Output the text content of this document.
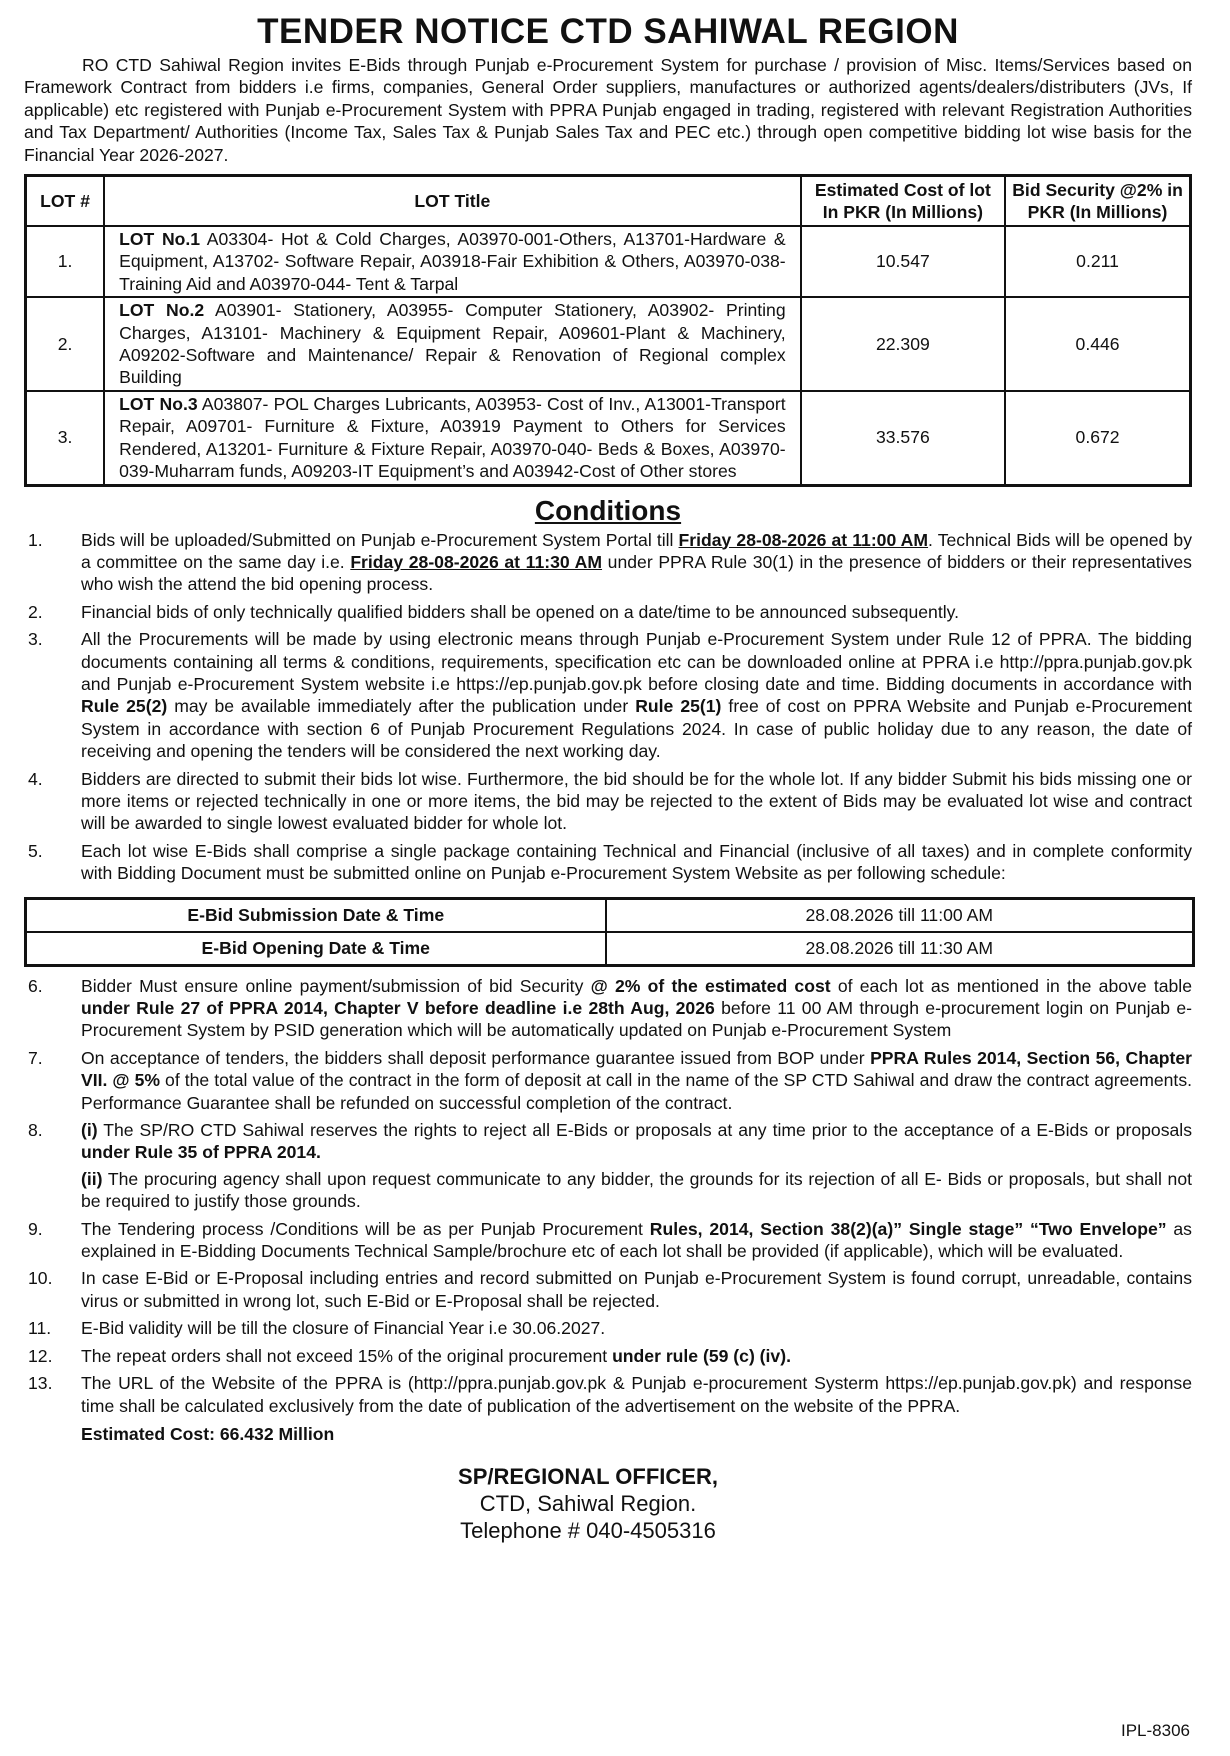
TENDER NOTICE CTD SAHIWAL REGION

RO CTD Sahiwal Region invites E-Bids through Punjab e-Procurement System for purchase / provision of Misc. Items/Services based on Framework Contract from bidders i.e firms, companies, General Order suppliers, manufactures or authorized agents/dealers/distributers (JVs, If applicable) etc registered with Punjab e-Procurement System with PPRA Punjab engaged in trading, registered with relevant Registration Authorities and Tax Department/ Authorities (Income Tax, Sales Tax & Punjab Sales Tax and PEC etc.) through open competitive bidding lot wise basis for the Financial Year 2026-2027.

LOT #	LOT Title	Estimated Cost of lot In PKR (In Millions)	Bid Security @2% in PKR (In Millions)
1.	LOT No.1 A03304- Hot & Cold Charges, A03970-001-Others, A13701-Hardware & Equipment, A13702- Software Repair, A03918-Fair Exhibition & Others, A03970-038- Training Aid and A03970-044- Tent & Tarpal	10.547	0.211
2.	LOT No.2 A03901- Stationery, A03955- Computer Stationery, A03902- Printing Charges, A13101- Machinery & Equipment Repair, A09601-Plant & Machinery, A09202-Software and Maintenance/ Repair & Renovation of Regional complex Building	22.309	0.446
3.	LOT No.3 A03807- POL Charges Lubricants, A03953- Cost of Inv., A13001-Transport Repair, A09701- Furniture & Fixture, A03919 Payment to Others for Services Rendered, A13201- Furniture & Fixture Repair, A03970-040- Beds & Boxes, A03970-039-Muharram funds, A09203-IT Equipment’s and A03942-Cost of Other stores	33.576	0.672
Conditions
1.	Bids will be uploaded/Submitted on Punjab e-Procurement System Portal till Friday 28-08-2026 at 11:00 AM. Technical Bids will be opened by a committee on the same day i.e. Friday 28-08-2026 at 11:30 AM under PPRA Rule 30(1) in the presence of bidders or their representatives who wish the attend the bid opening process.
2.	Financial bids of only technically qualified bidders shall be opened on a date/time to be announced subsequently.
3.	All the Procurements will be made by using electronic means through Punjab e-Procurement System under Rule 12 of PPRA. The bidding documents containing all terms & conditions, requirements, specification etc can be downloaded online at PPRA i.e http://ppra.punjab.gov.pk and Punjab e-Procurement System website i.e https://ep.punjab.gov.pk before closing date and time. Bidding documents in accordance with Rule 25(2) may be available immediately after the publication under Rule 25(1) free of cost on PPRA Website and Punjab e-Procurement System in accordance with section 6 of Punjab Procurement Regulations 2024. In case of public holiday due to any reason, the date of receiving and opening the tenders will be considered the next working day.
4.	Bidders are directed to submit their bids lot wise. Furthermore, the bid should be for the whole lot. If any bidder Submit his bids missing one or more items or rejected technically in one or more items, the bid may be rejected to the extent of Bids may be evaluated lot wise and contract will be awarded to single lowest evaluated bidder for whole lot.
5.	Each lot wise E-Bids shall comprise a single package containing Technical and Financial (inclusive of all taxes) and in complete conformity with Bidding Document must be submitted online on Punjab e-Procurement System Website as per following schedule:
E-Bid Submission Date & Time	28.08.2026 till 11:00 AM
E-Bid Opening Date & Time	28.08.2026 till 11:30 AM
6.	Bidder Must ensure online payment/submission of bid Security @ 2% of the estimated cost of each lot as mentioned in the above table under Rule 27 of PPRA 2014, Chapter V before deadline i.e 28th Aug, 2026 before 11 00 AM through e-procurement login on Punjab e-Procurement System by PSID generation which will be automatically updated on Punjab e-Procurement System
7.	On acceptance of tenders, the bidders shall deposit performance guarantee issued from BOP under PPRA Rules 2014, Section 56, Chapter VII. @ 5% of the total value of the contract in the form of deposit at call in the name of the SP CTD Sahiwal and draw the contract agreements. Performance Guarantee shall be refunded on successful completion of the contract.
8.	(i) The SP/RO CTD Sahiwal reserves the rights to reject all E-Bids or proposals at any time prior to the acceptance of a E-Bids or proposals under Rule 35 of PPRA 2014.
(ii) The procuring agency shall upon request communicate to any bidder, the grounds for its rejection of all E- Bids or proposals, but shall not be required to justify those grounds.
9.	The Tendering process /Conditions will be as per Punjab Procurement Rules, 2014, Section 38(2)(a)” Single stage” “Two Envelope” as explained in E-Bidding Documents Technical Sample/brochure etc of each lot shall be provided (if applicable), which will be evaluated.
10.	In case E-Bid or E-Proposal including entries and record submitted on Punjab e-Procurement System is found corrupt, unreadable, contains virus or submitted in wrong lot, such E-Bid or E-Proposal shall be rejected.
11.	E-Bid validity will be till the closure of Financial Year i.e 30.06.2027.
12.	The repeat orders shall not exceed 15% of the original procurement under rule (59 (c) (iv).
13.	The URL of the Website of the PPRA is (http://ppra.punjab.gov.pk & Punjab e-procurement Systerm https://ep.punjab.gov.pk) and response time shall be calculated exclusively from the date of publication of the advertisement on the website of the PPRA.
Estimated Cost: 66.432 Million
SP/REGIONAL OFFICER,
CTD, Sahiwal Region.
Telephone # 040-4505316
IPL-8306
